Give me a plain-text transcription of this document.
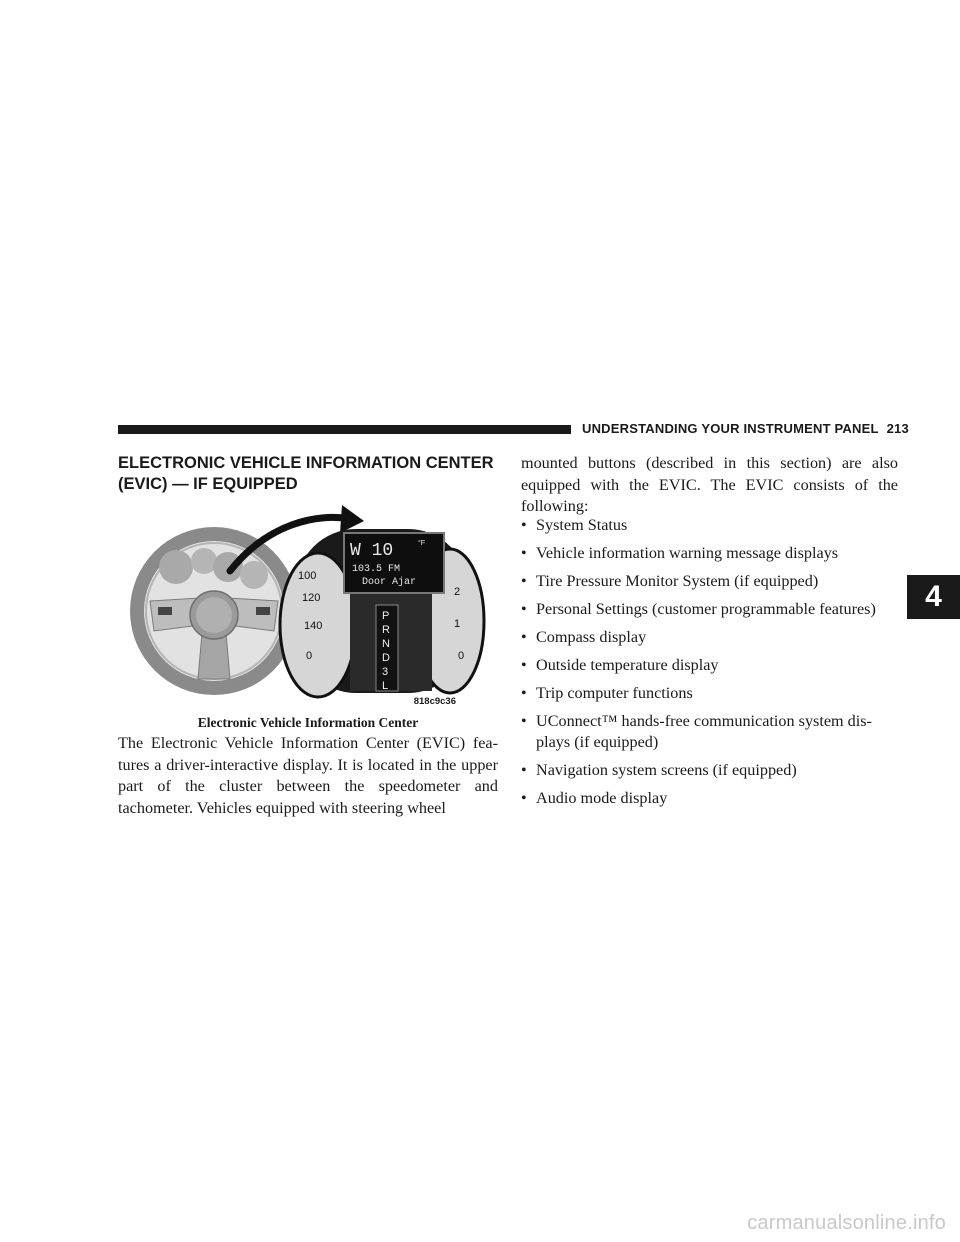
UNDERSTANDING YOUR INSTRUMENT PANEL 213
4
ELECTRONIC VEHICLE INFORMATION CENTER (EVIC) — IF EQUIPPED
W 10	°F
103.5 FM
Door Ajar
P
R
N
D
3
L
100
120
140
0
2
1
0
818c9c36
Electronic Vehicle Information Center

The Electronic Vehicle Information Center (EVIC) fea-tures a driver-interactive display. It is located in the upper part of the cluster between the speedometer and tachometer. Vehicles equipped with steering wheel

mounted buttons (described in this section) are also equipped with the EVIC. The EVIC consists of the following:

• System Status
• Vehicle information warning message displays
• Tire Pressure Monitor System (if equipped)
• Personal Settings (customer programmable features)
• Compass display
• Outside temperature display
• Trip computer functions
• UConnect™ hands-free communication system dis-plays (if equipped)
• Navigation system screens (if equipped)
• Audio mode display
carmanualsonline.info
